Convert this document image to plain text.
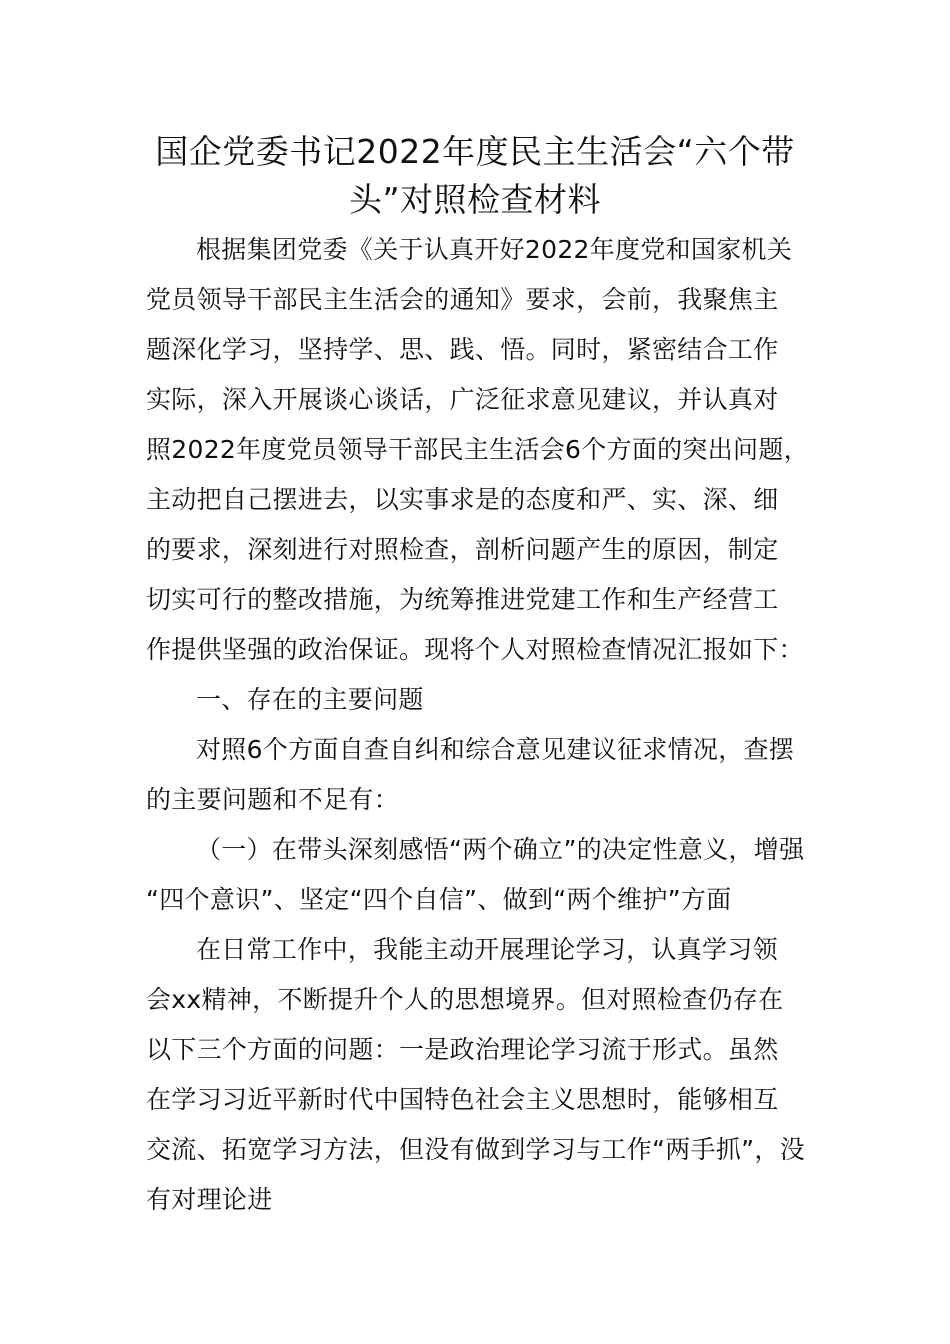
国企党委书记2022年度民主生活会“六个带头”对照检查材料

根据集团党委《关于认真开好2022年度党和国家机关

党员领导干部民主生活会的通知》要求，会前，我聚焦主

题深化学习，坚持学、思、践、悟。同时，紧密结合工作

实际，深入开展谈心谈话，广泛征求意见建议，并认真对

照2022年度党员领导干部民主生活会6个方面的突出问题，

主动把自己摆进去，以实事求是的态度和严、实、深、细

的要求，深刻进行对照检查，剖析问题产生的原因，制定

切实可行的整改措施，为统筹推进党建工作和生产经营工

作提供坚强的政治保证。现将个人对照检查情况汇报如下：

一、存在的主要问题

对照6个方面自查自纠和综合意见建议征求情况，查摆

的主要问题和不足有：

（一）在带头深刻感悟“两个确立”的决定性意义，增强

“四个意识”、坚定“四个自信”、做到“两个维护”方面

在日常工作中，我能主动开展理论学习，认真学习领

会xx精神，不断提升个人的思想境界。但对照检查仍存在

以下三个方面的问题：一是政治理论学习流于形式。虽然

在学习习近平新时代中国特色社会主义思想时，能够相互

交流、拓宽学习方法，但没有做到学习与工作“两手抓”，没

有对理论进
